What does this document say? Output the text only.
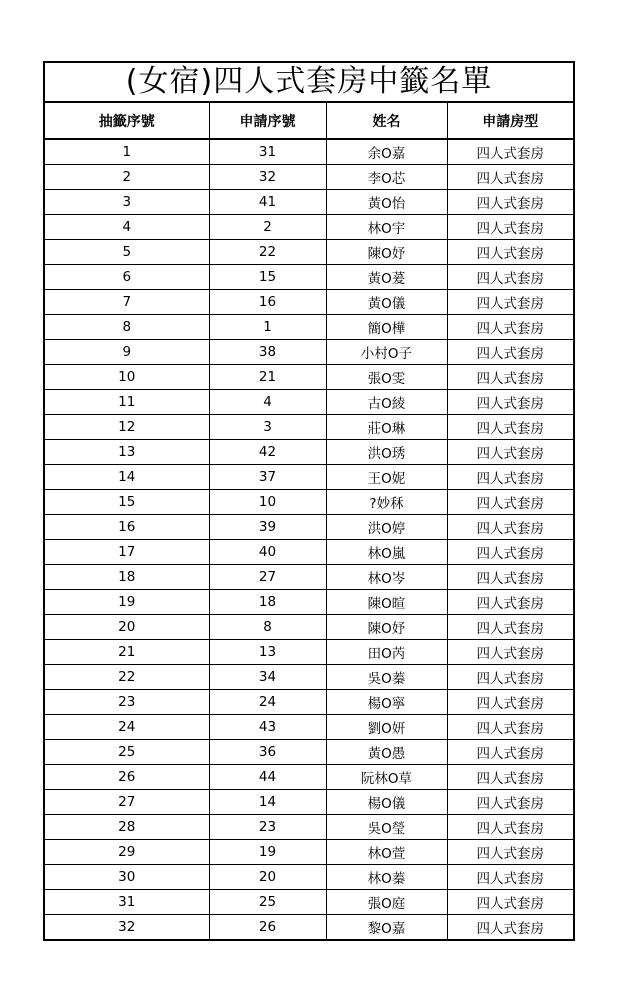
(女宿)四人式套房中籤名單
抽籤序號	申請序號	姓名	申請房型
1	31	余O嘉	四人式套房
2	32	李O芯	四人式套房
3	41	黃O怡	四人式套房
4	2	林O宇	四人式套房
5	22	陳O妤	四人式套房
6	15	黃O萲	四人式套房
7	16	黃O儀	四人式套房
8	1	簡O樺	四人式套房
9	38	小村O子	四人式套房
10	21	張O雯	四人式套房
11	4	古O綾	四人式套房
12	3	莊O琳	四人式套房
13	42	洪O琇	四人式套房
14	37	王O妮	四人式套房
15	10	?妙秝	四人式套房
16	39	洪O婷	四人式套房
17	40	林O嵐	四人式套房
18	27	林O岑	四人式套房
19	18	陳O暄	四人式套房
20	8	陳O妤	四人式套房
21	13	田O芮	四人式套房
22	34	吳O蓁	四人式套房
23	24	楊O寧	四人式套房
24	43	劉O妍	四人式套房
25	36	黃O愚	四人式套房
26	44	阮林O草	四人式套房
27	14	楊O儀	四人式套房
28	23	吳O瑩	四人式套房
29	19	林O萱	四人式套房
30	20	林O蓁	四人式套房
31	25	張O庭	四人式套房
32	26	黎O嘉	四人式套房
